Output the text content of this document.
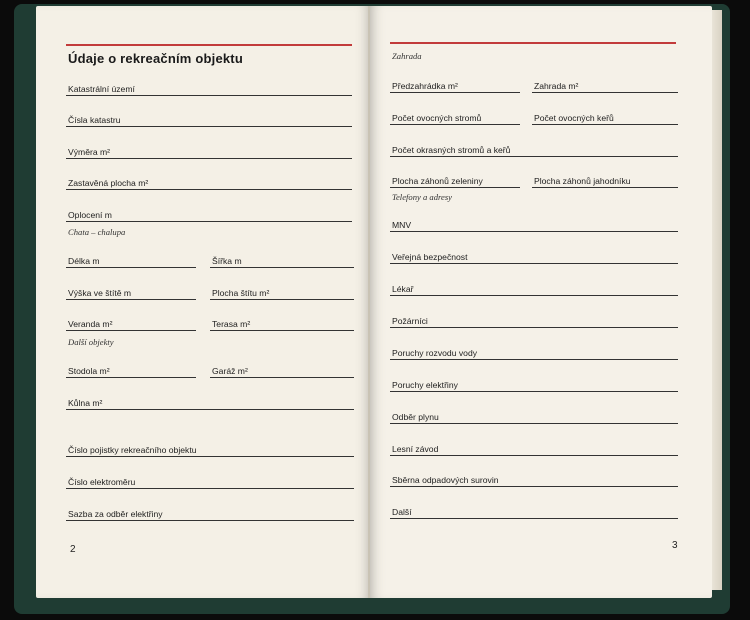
Údaje o rekreačním objektu
Katastrální území
Čísla katastru
Výměra m²
Zastavěná plocha m²
Oplocení m
Chata – chalupa
Délka m	Šířka m
Výška ve štítě m	Plocha štítu m²
Veranda m²	Terasa m²
Další objekty
Stodola m²	Garáž m²
Kůlna m²
Číslo pojistky rekreačního objektu
Číslo elektroměru
Sazba za odběr elektřiny
2
Zahrada
Předzahrádka m²	Zahrada m²
Počet ovocných stromů	Počet ovocných keřů
Počet okrasných stromů a keřů
Plocha záhonů zeleniny	Plocha záhonů jahodníku
Telefony a adresy
MNV
Veřejná bezpečnost
Lékař
Požárníci
Poruchy rozvodu vody
Poruchy elektřiny
Odběr plynu
Lesní závod
Sběrna odpadových surovin
Další
3
